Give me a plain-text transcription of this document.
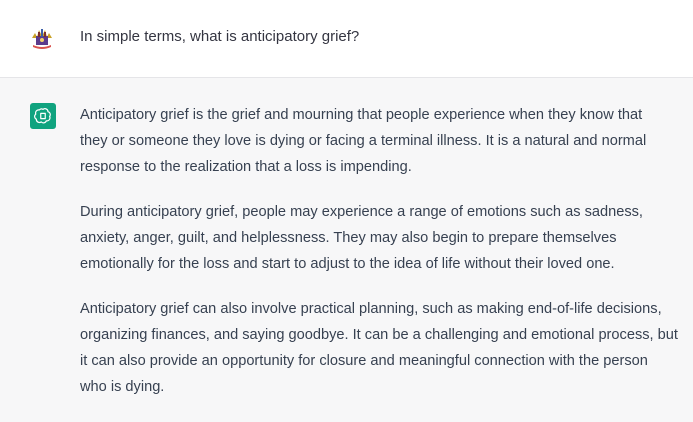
In simple terms, what is anticipatory grief?

Anticipatory grief is the grief and mourning that people experience when they know that
they or someone they love is dying or facing a terminal illness. It is a natural and normal
response to the realization that a loss is impending.

During anticipatory grief, people may experience a range of emotions such as sadness,
anxiety, anger, guilt, and helplessness. They may also begin to prepare themselves
emotionally for the loss and start to adjust to the idea of life without their loved one.

Anticipatory grief can also involve practical planning, such as making end-of-life decisions,
organizing finances, and saying goodbye. It can be a challenging and emotional process, but
it can also provide an opportunity for closure and meaningful connection with the person
who is dying.
